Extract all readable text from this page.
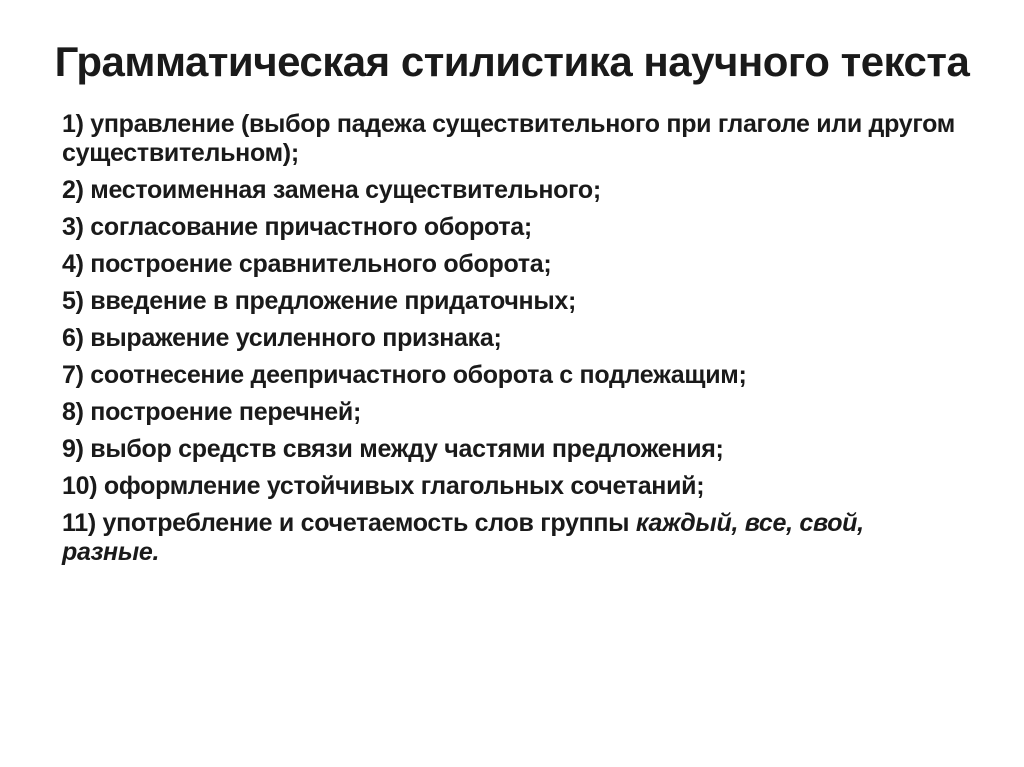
Грамматическая стилистика научного текста

1) управление (выбор падежа существительного при глаголе или другом существительном);

2) местоименная замена существительного;

3) согласование причастного оборота;

4) построение сравнительного оборота;

5) введение в предложение придаточных;

6) выражение усиленного признака;

7) соотнесение деепричастного оборота с подлежащим;

8) построение перечней;

9) выбор средств связи между частями предложения;

10) оформление устойчивых глагольных сочетаний;

11) употребление и сочетаемость слов группы каждый, все, свой, разные.
